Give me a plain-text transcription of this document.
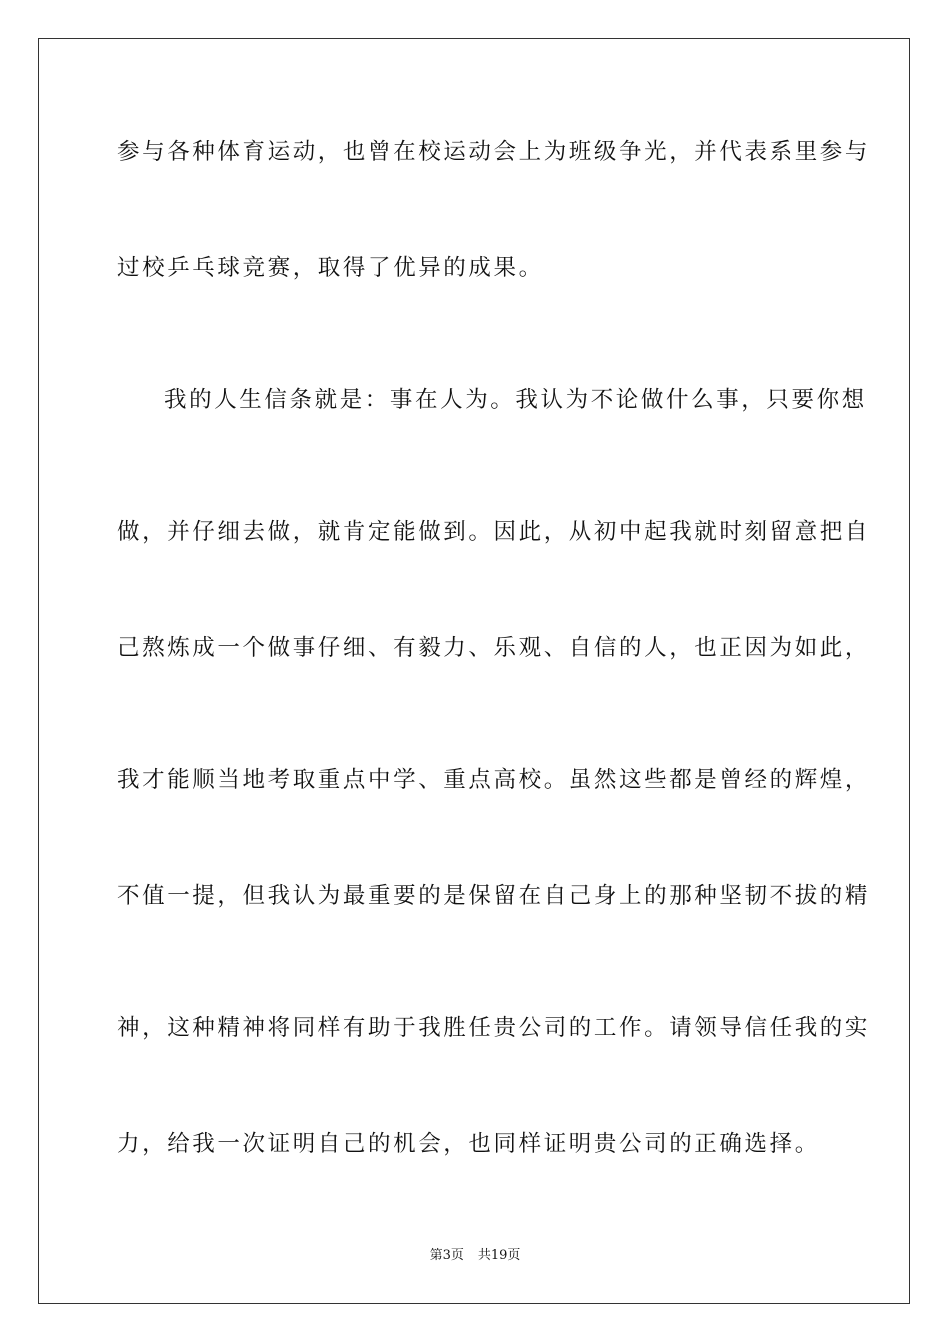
参与各种体育运动，也曾在校运动会上为班级争光，并代表系里参与
过校乒乓球竞赛，取得了优异的成果。
我的人生信条就是：事在人为。我认为不论做什么事，只要你想
做，并仔细去做，就肯定能做到。因此，从初中起我就时刻留意把自
己熬炼成一个做事仔细、有毅力、乐观、自信的人，也正因为如此，
我才能顺当地考取重点中学、重点高校。虽然这些都是曾经的辉煌，
不值一提，但我认为最重要的是保留在自己身上的那种坚韧不拔的精
神，这种精神将同样有助于我胜任贵公司的工作。请领导信任我的实
力，给我一次证明自己的机会，也同样证明贵公司的正确选择。
第3页 共19页
